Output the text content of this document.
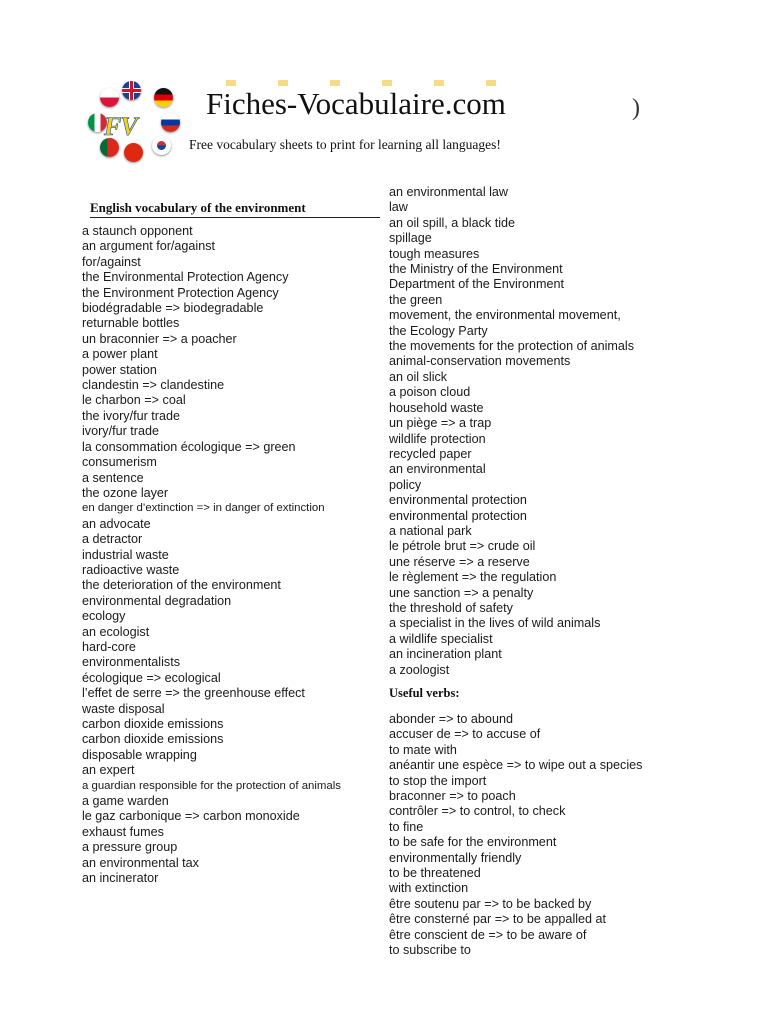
FV
Fiches-Vocabulaire.com	)
Free vocabulary sheets to print for learning all languages!
English vocabulary of the environment
a staunch opponent
an argument for/against
for/against
the Environmental Protection Agency
the Environment Protection Agency
biodégradable => biodegradable
returnable bottles
un braconnier => a poacher
a power plant
power station
clandestin => clandestine
le charbon => coal
the ivory/fur trade
ivory/fur trade
la consommation écologique => green
consumerism
a sentence
the ozone layer
en danger d’extinction => in danger of extinction
an advocate
a detractor
industrial waste
radioactive waste
the deterioration of the environment
environmental degradation
ecology
an ecologist
hard-core
environmentalists
écologique => ecological
l’effet de serre => the greenhouse effect
waste disposal
carbon dioxide emissions
carbon dioxide emissions
disposable wrapping
an expert
a guardian responsible for the protection of animals
a game warden
le gaz carbonique => carbon monoxide
exhaust fumes
a pressure group
an environmental tax
an incinerator
an environmental law
law
an oil spill, a black tide
spillage
tough measures
the Ministry of the Environment
Department of the Environment
the green
movement, the environmental movement,
the Ecology Party
the movements for the protection of animals
animal-conservation movements
an oil slick
a poison cloud
household waste
un piège => a trap
wildlife protection
recycled paper
an environmental
policy
environmental protection
environmental protection
a national park
le pétrole brut => crude oil
une réserve => a reserve
le règlement => the regulation
une sanction => a penalty
the threshold of safety
a specialist in the lives of wild animals
a wildlife specialist
an incineration plant
a zoologist
Useful verbs:
abonder => to abound
accuser de => to accuse of
to mate with
anéantir une espèce => to wipe out a species
to stop the import
braconner => to poach
contrôler => to control, to check
to fine
to be safe for the environment
environmentally friendly
to be threatened
with extinction
être soutenu par => to be backed by
être consterné par => to be appalled at
être conscient de => to be aware of
to subscribe to
